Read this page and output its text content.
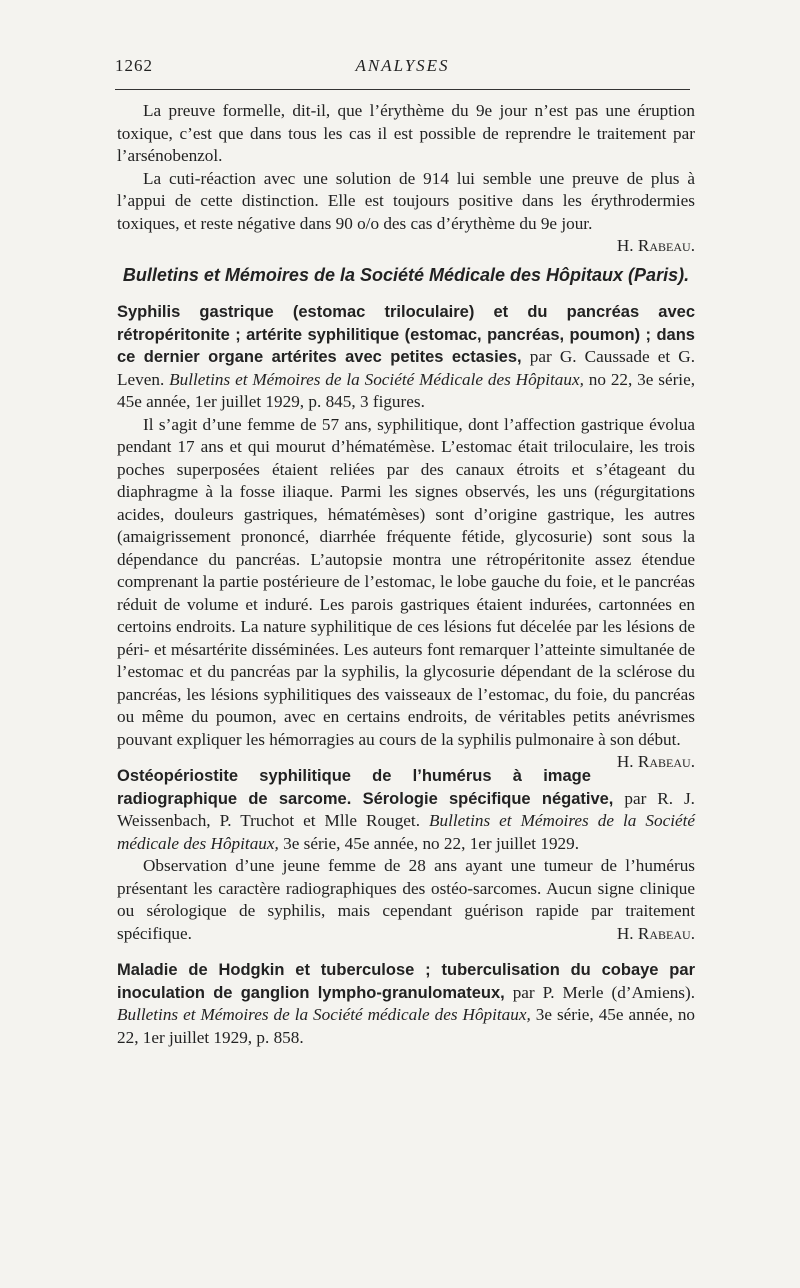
1262	ANALYSES

La preuve formelle, dit-il, que l’érythème du 9e jour n’est pas une éruption toxique, c’est que dans tous les cas il est possible de reprendre le traitement par l’arsénobenzol.

La cuti-réaction avec une solution de 914 lui semble une preuve de plus à l’appui de cette distinction. Elle est toujours positive dans les érythrodermies toxiques, et reste négative dans 90 o/o des cas d’érythème du 9e jour.
H. Rabeau.

Bulletins et Mémoires de la Société Médicale des Hôpitaux (Paris).

Syphilis gastrique (estomac triloculaire) et du pancréas avec rétropéritonite ; artérite syphilitique (estomac, pancréas, poumon) ; dans ce dernier organe artérites avec petites ectasies, par G. Caussade et G. Leven. Bulletins et Mémoires de la Société Médicale des Hôpitaux, no 22, 3e série, 45e année, 1er juillet 1929, p. 845, 3 figures.

Il s’agit d’une femme de 57 ans, syphilitique, dont l’affection gastrique évolua pendant 17 ans et qui mourut d’hématémèse. L’estomac était triloculaire, les trois poches superposées étaient reliées par des canaux étroits et s’étageant du diaphragme à la fosse iliaque. Parmi les signes observés, les uns (régurgitations acides, douleurs gastriques, hématémèses) sont d’origine gastrique, les autres (amaigrissement prononcé, diarrhée fréquente fétide, glycosurie) sont sous la dépendance du pancréas. L’autopsie montra une rétropéritonite assez étendue comprenant la partie postérieure de l’estomac, le lobe gauche du foie, et le pancréas réduit de volume et induré. Les parois gastriques étaient indurées, cartonnées en certoins endroits. La nature syphilitique de ces lésions fut décelée par les lésions de péri- et mésartérite disséminées. Les auteurs font remarquer l’atteinte simultanée de l’estomac et du pancréas par la syphilis, la glycosurie dépendant de la sclérose du pancréas, les lésions syphilitiques des vaisseaux de l’estomac, du foie, du pancréas ou même du poumon, avec en certains endroits, de véritables petits anévrismes pouvant expliquer les hémorragies au cours de la syphilis pulmonaire à son début.
H. Rabeau.

Ostéopériostite syphilitique de l’humérus à image radiographique de sarcome. Sérologie spécifique négative, par R. J. Weissenbach, P. Truchot et Mlle Rouget. Bulletins et Mémoires de la Société médicale des Hôpitaux, 3e série, 45e année, no 22, 1er juillet 1929.

Observation d’une jeune femme de 28 ans ayant une tumeur de l’humérus présentant les caractère radiographiques des ostéo-sarcomes. Aucun signe clinique ou sérologique de syphilis, mais cependant guérison rapide par traitement spécifique.	H. Rabeau.

Maladie de Hodgkin et tuberculose ; tuberculisation du cobaye par inoculation de ganglion lympho-granulomateux, par P. Merle (d’Amiens). Bulletins et Mémoires de la Société médicale des Hôpitaux, 3e série, 45e année, no 22, 1er juillet 1929, p. 858.
